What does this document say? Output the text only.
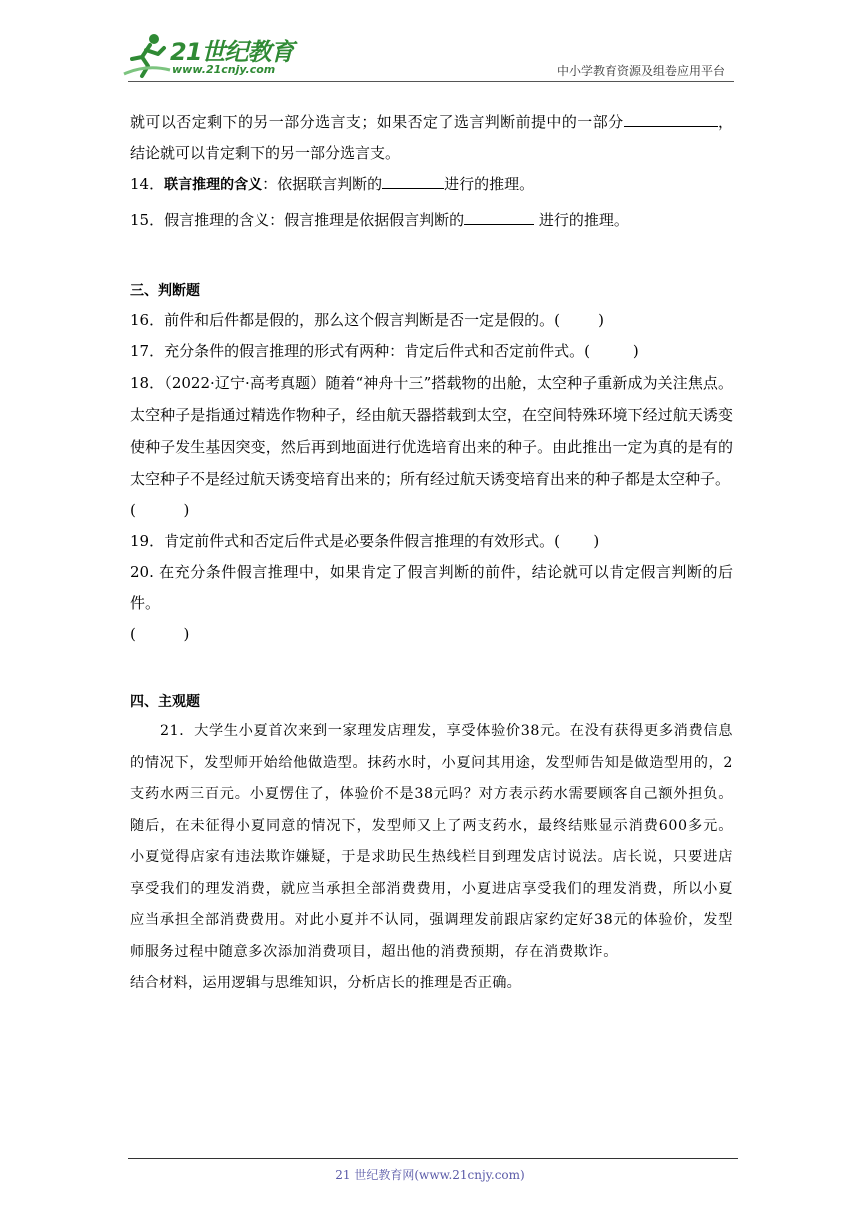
21世纪教育
www.21cnjy.com	中小学教育资源及组卷应用平台
就可以否定剩下的另一部分选言支；如果否定了选言判断前提中的一部分	，结论就可以肯定剩下的另一部分选言支。
14．联言推理的含义：依据联言判断的	进行的推理。
15．假言推理的含义：假言推理是依据假言判断的	进行的推理。
三、判断题
16．前件和后件都是假的，那么这个假言判断是否一定是假的。(        )
17．充分条件的假言推理的形式有两种：肯定后件式和否定前件式。(         )
18．（2022·辽宁·高考真题）随着“神舟十三”搭载物的出舱，太空种子重新成为关注焦点。太空种子是指通过精选作物种子，经由航天器搭载到太空，在空间特殊环境下经过航天诱变使种子发生基因突变，然后再到地面进行优选培育出来的种子。由此推出一定为真的是有的太空种子不是经过航天诱变培育出来的；所有经过航天诱变培育出来的种子都是太空种子。
(          )
19．肯定前件式和否定后件式是必要条件假言推理的有效形式。(       )
20. 在充分条件假言推理中，如果肯定了假言判断的前件，结论就可以肯定假言判断的后件。
(          )
四、主观题
21．大学生小夏首次来到一家理发店理发，享受体验价38元。在没有获得更多消费信息的情况下，发型师开始给他做造型。抹药水时，小夏问其用途，发型师告知是做造型用的，2支药水两三百元。小夏愣住了，体验价不是38元吗？对方表示药水需要顾客自己额外担负。随后，在未征得小夏同意的情况下，发型师又上了两支药水，最终结账显示消费600多元。小夏觉得店家有违法欺诈嫌疑，于是求助民生热线栏目到理发店讨说法。店长说，只要进店享受我们的理发消费，就应当承担全部消费费用，小夏进店享受我们的理发消费，所以小夏应当承担全部消费费用。对此小夏并不认同，强调理发前跟店家约定好38元的体验价，发型师服务过程中随意多次添加消费项目，超出他的消费预期，存在消费欺诈。
结合材料，运用逻辑与思维知识，分析店长的推理是否正确。
21 世纪教育网(www.21cnjy.com)
